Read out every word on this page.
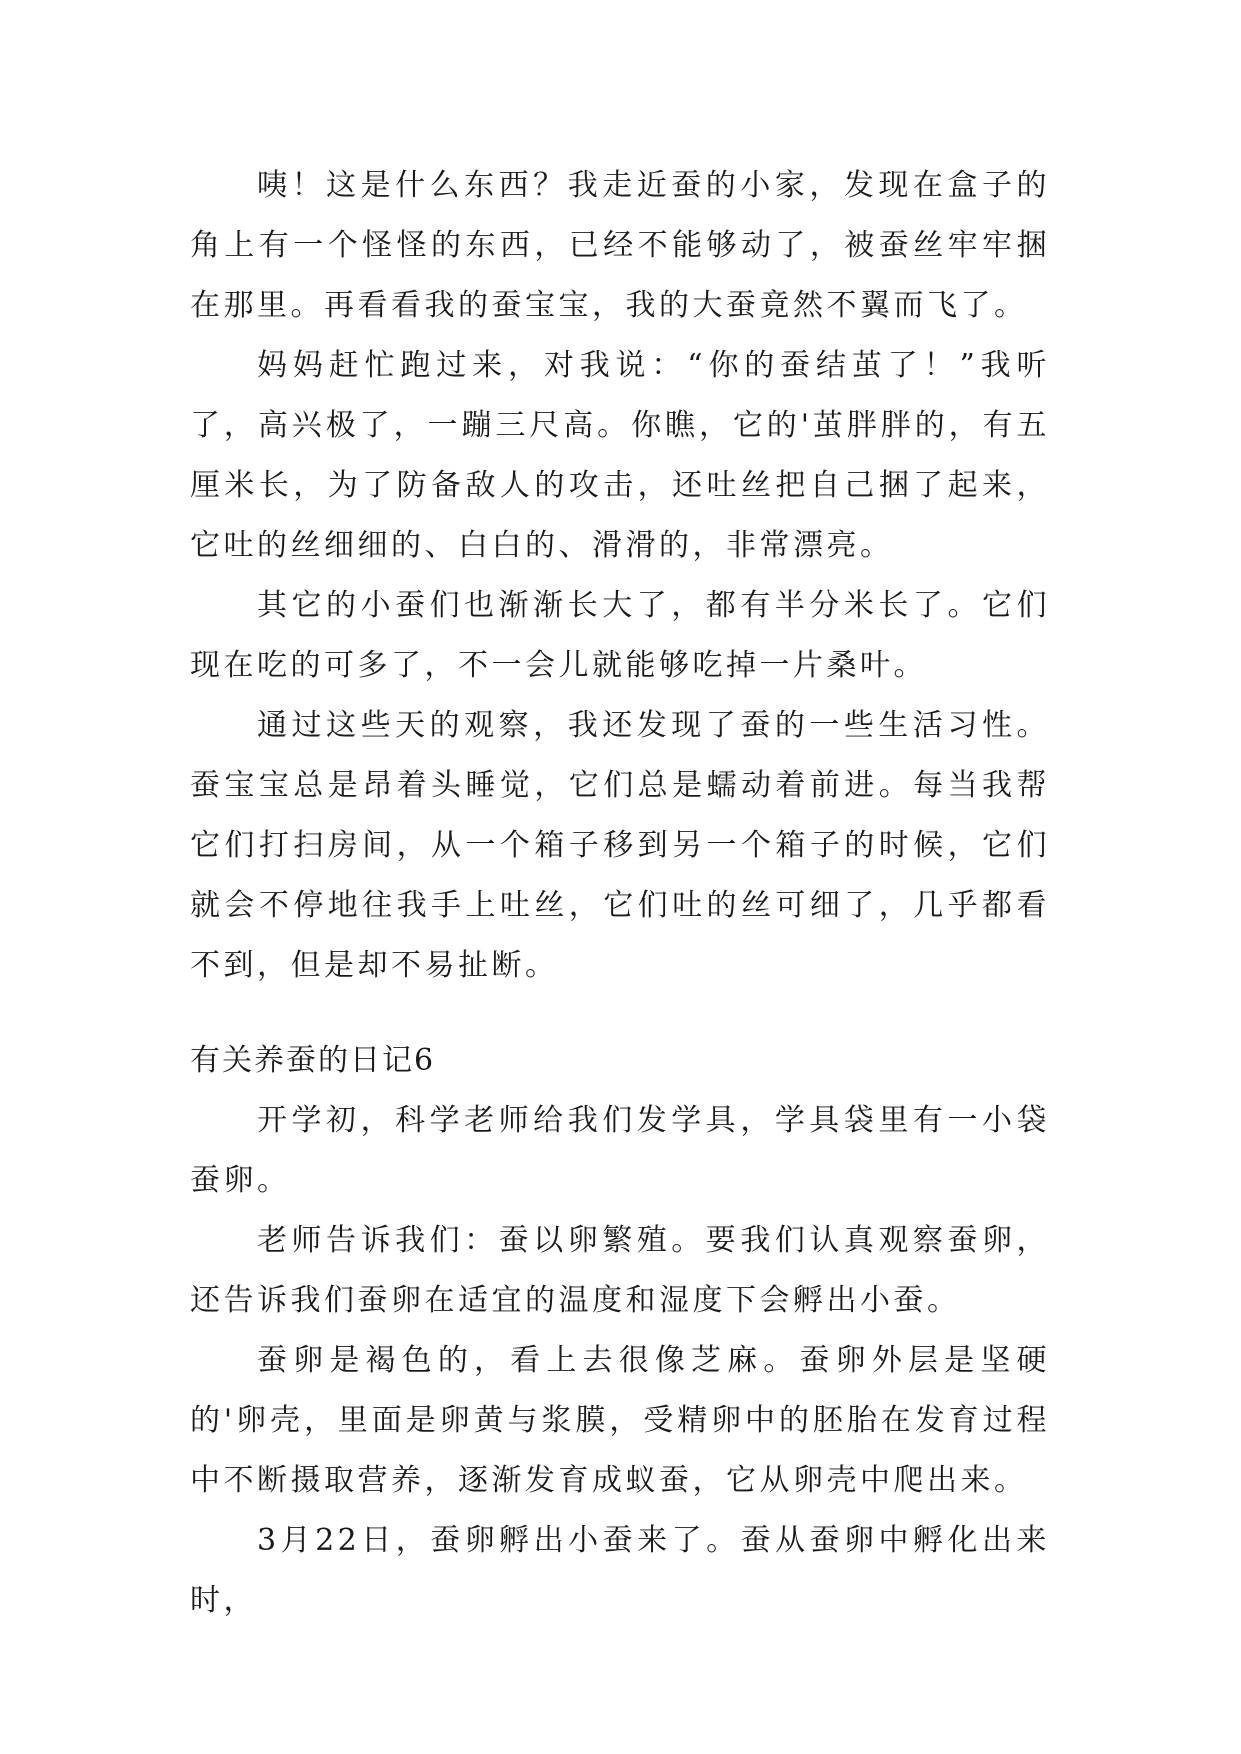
咦！这是什么东西？我走近蚕的小家，发现在盒子的角上有一个怪怪的东西，已经不能够动了，被蚕丝牢牢捆在那里。再看看我的蚕宝宝，我的大蚕竟然不翼而飞了。

妈妈赶忙跑过来，对我说：“你的蚕结茧了！”我听了，高兴极了，一蹦三尺高。你瞧，它的'茧胖胖的，有五厘米长，为了防备敌人的攻击，还吐丝把自己捆了起来，它吐的丝细细的、白白的、滑滑的，非常漂亮。

其它的小蚕们也渐渐长大了，都有半分米长了。它们现在吃的可多了，不一会儿就能够吃掉一片桑叶。

通过这些天的观察，我还发现了蚕的一些生活习性。蚕宝宝总是昂着头睡觉，它们总是蠕动着前进。每当我帮它们打扫房间，从一个箱子移到另一个箱子的时候，它们就会不停地往我手上吐丝，它们吐的丝可细了，几乎都看不到，但是却不易扯断。

有关养蚕的日记6

开学初，科学老师给我们发学具，学具袋里有一小袋蚕卵。

老师告诉我们：蚕以卵繁殖。要我们认真观察蚕卵，还告诉我们蚕卵在适宜的温度和湿度下会孵出小蚕。

蚕卵是褐色的，看上去很像芝麻。蚕卵外层是坚硬的'卵壳，里面是卵黄与浆膜，受精卵中的胚胎在发育过程中不断摄取营养，逐渐发育成蚁蚕，它从卵壳中爬出来。

3月22日，蚕卵孵出小蚕来了。蚕从蚕卵中孵化出来时，
